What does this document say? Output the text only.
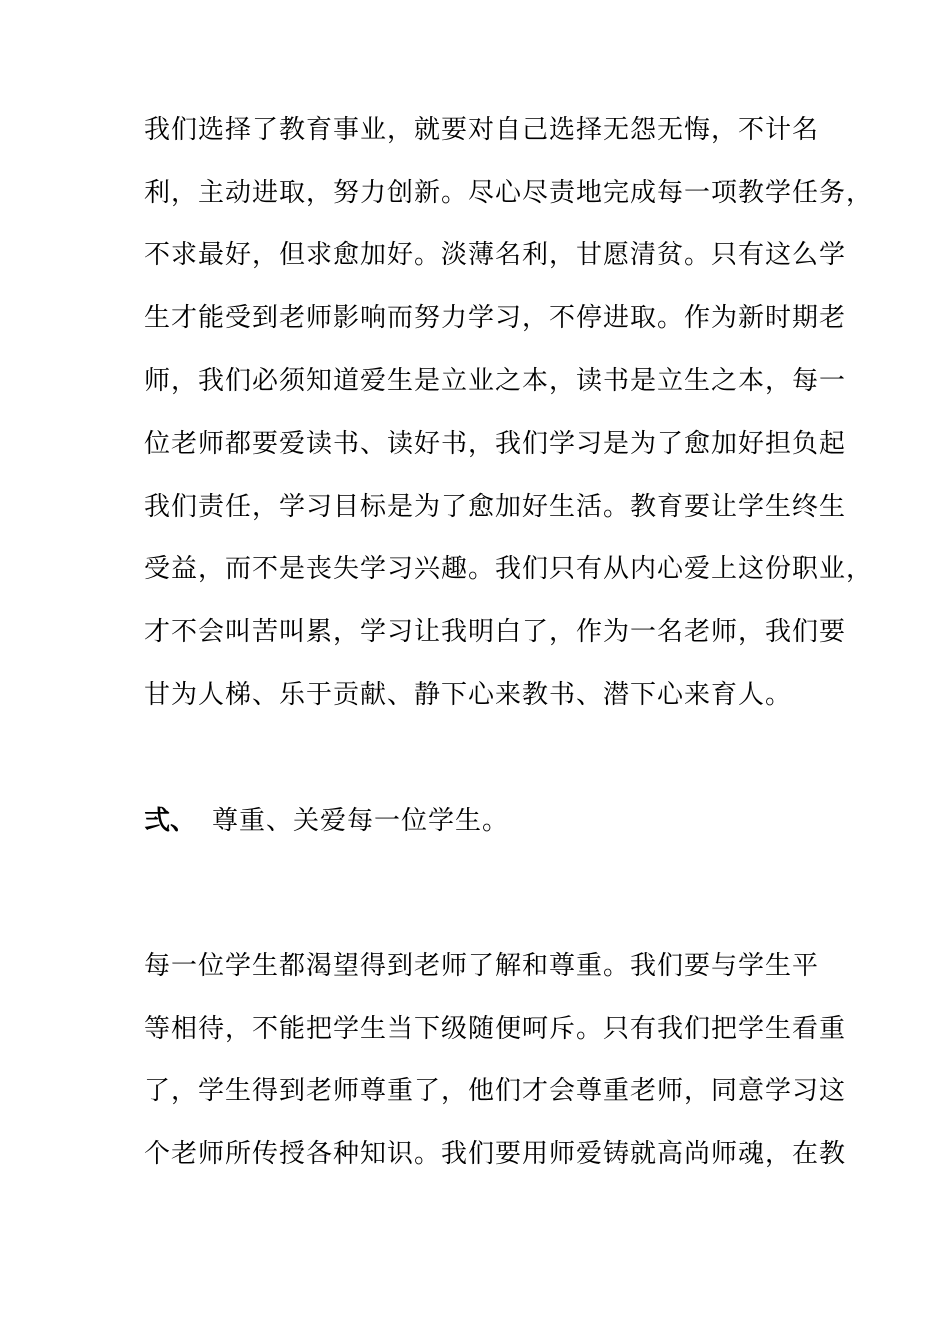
我们选择了教育事业，就要对自己选择无怨无悔，不计名
利，主动进取，努力创新。尽心尽责地完成每一项教学任务，
不求最好，但求愈加好。淡薄名利，甘愿清贫。只有这么学
生才能受到老师影响而努力学习，不停进取。作为新时期老
师，我们必须知道爱生是立业之本，读书是立生之本，每一
位老师都要爱读书、读好书，我们学习是为了愈加好担负起
我们责任，学习目标是为了愈加好生活。教育要让学生终生
受益，而不是丧失学习兴趣。我们只有从内心爱上这份职业，
才不会叫苦叫累，学习让我明白了，作为一名老师，我们要
甘为人梯、乐于贡献、静下心来教书、潜下心来育人。
弍、 尊重、关爱每一位学生。
每一位学生都渴望得到老师了解和尊重。我们要与学生平
等相待，不能把学生当下级随便呵斥。只有我们把学生看重
了，学生得到老师尊重了，他们才会尊重老师，同意学习这
个老师所传授各种知识。我们要用师爱铸就高尚师魂，在教
